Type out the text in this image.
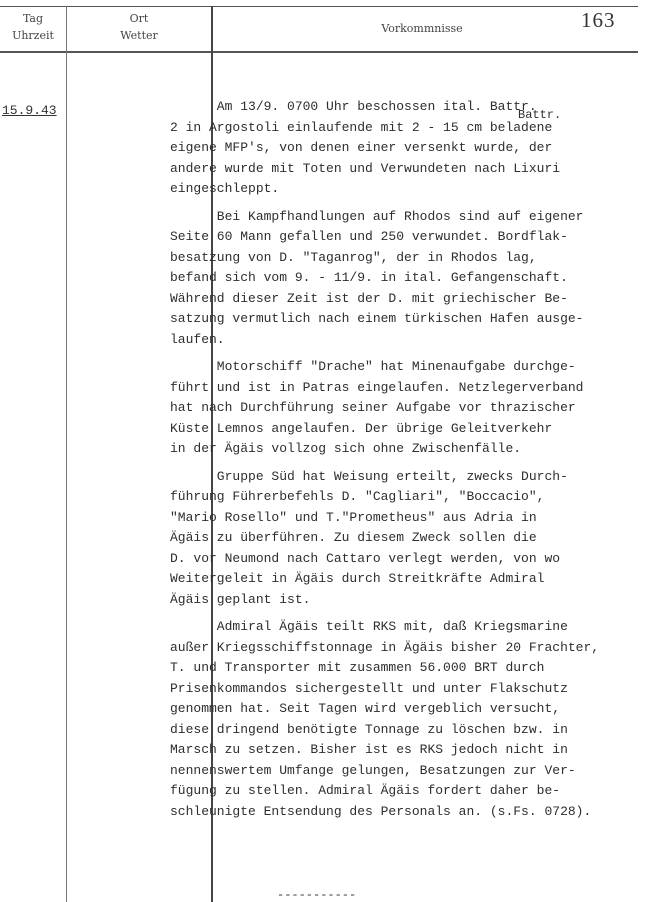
Tag
Uhrzeit
Ort
Wetter
Vorkommnisse	163
15.9.43	Battr.
Am 13/9. 0700 Uhr beschossen ital. Battr.
2 in Argostoli einlaufende mit 2 - 15 cm beladene
eigene MFP's, von denen einer versenkt wurde, der
andere wurde mit Toten und Verwundeten nach Lixuri
eingeschleppt.
Bei Kampfhandlungen auf Rhodos sind auf eigener
Seite 60 Mann gefallen und 250 verwundet. Bordflak-
besatzung von D. "Taganrog", der in Rhodos lag,
befand sich vom 9. - 11/9. in ital. Gefangenschaft.
Während dieser Zeit ist der D. mit griechischer Be-
satzung vermutlich nach einem türkischen Hafen ausge-
laufen.
Motorschiff "Drache" hat Minenaufgabe durchge-
führt und ist in Patras eingelaufen. Netzlegerverband
hat nach Durchführung seiner Aufgabe vor thrazischer
Küste Lemnos angelaufen. Der übrige Geleitverkehr
in der Ägäis vollzog sich ohne Zwischenfälle.
Gruppe Süd hat Weisung erteilt, zwecks Durch-
führung Führerbefehls D. "Cagliari", "Boccacio",
"Mario Rosello" und T."Prometheus" aus Adria in
Ägäis zu überführen. Zu diesem Zweck sollen die
D. vor Neumond nach Cattaro verlegt werden, von wo
Weitergeleit in Ägäis durch Streitkräfte Admiral
Ägäis geplant ist.
Admiral Ägäis teilt RKS mit, daß Kriegsmarine
außer Kriegsschiffstonnage in Ägäis bisher 20 Frachter,
T. und Transporter mit zusammen 56.000 BRT durch
Prisenkommandos sichergestellt und unter Flakschutz
genommen hat. Seit Tagen wird vergeblich versucht,
diese dringend benötigte Tonnage zu löschen bzw. in
Marsch zu setzen. Bisher ist es RKS jedoch nicht in
nennenswertem Umfange gelungen, Besatzungen zur Ver-
fügung zu stellen. Admiral Ägäis fordert daher be-
schleunigte Entsendung des Personals an. (s.Fs. 0728).
-----------
